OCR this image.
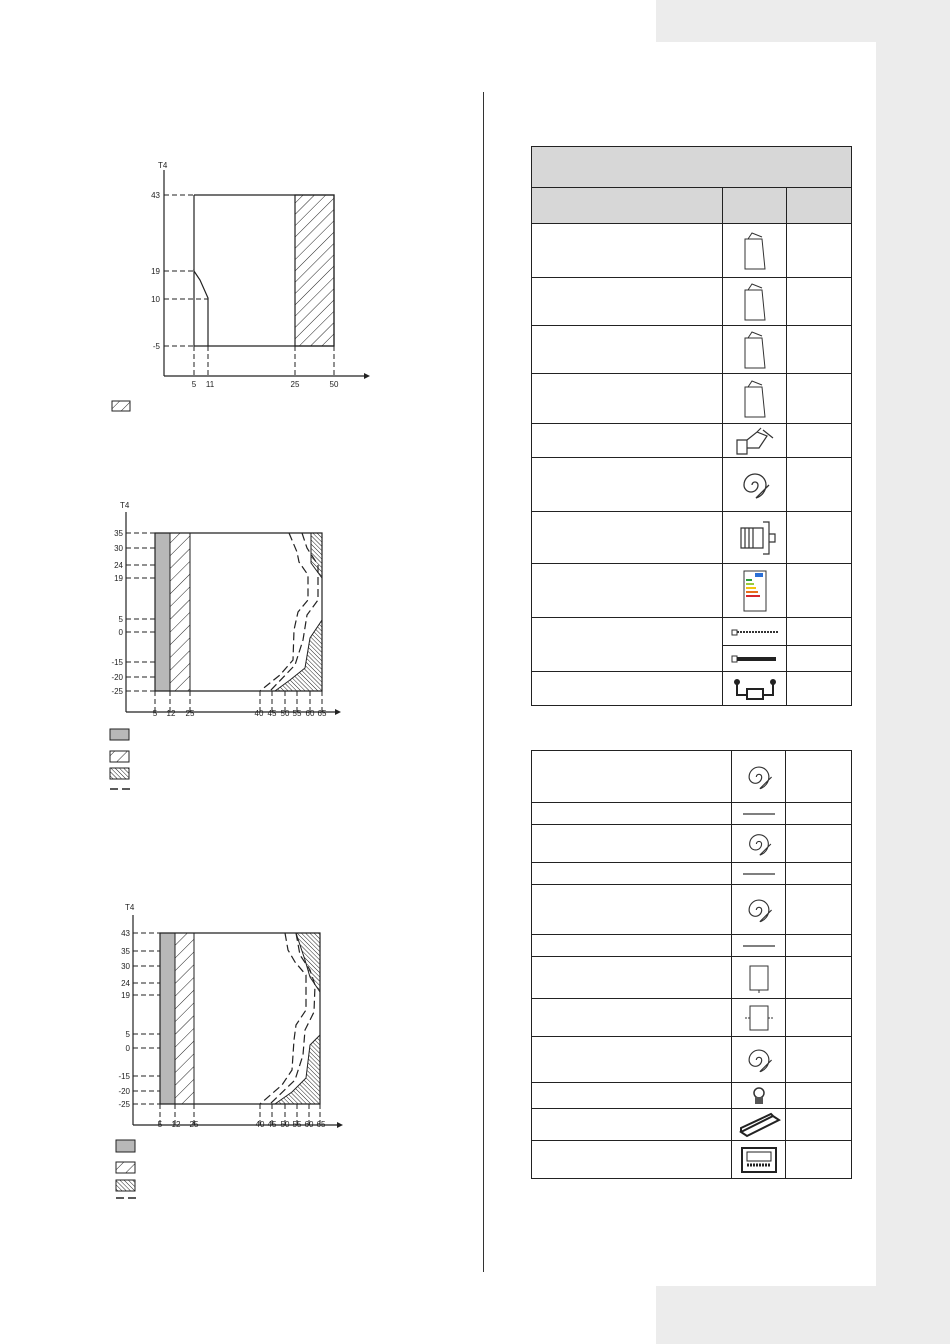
T4
43
19
10
-5
5 11	25	50
T4
35
30
24
19
5
0
-15
-20
-25
5 12 25	40 45 50 55 60 65
T4
43
35
30
24
19
5
0
-15
-20
-25
5 12 25	40 45 50 55 60 65
